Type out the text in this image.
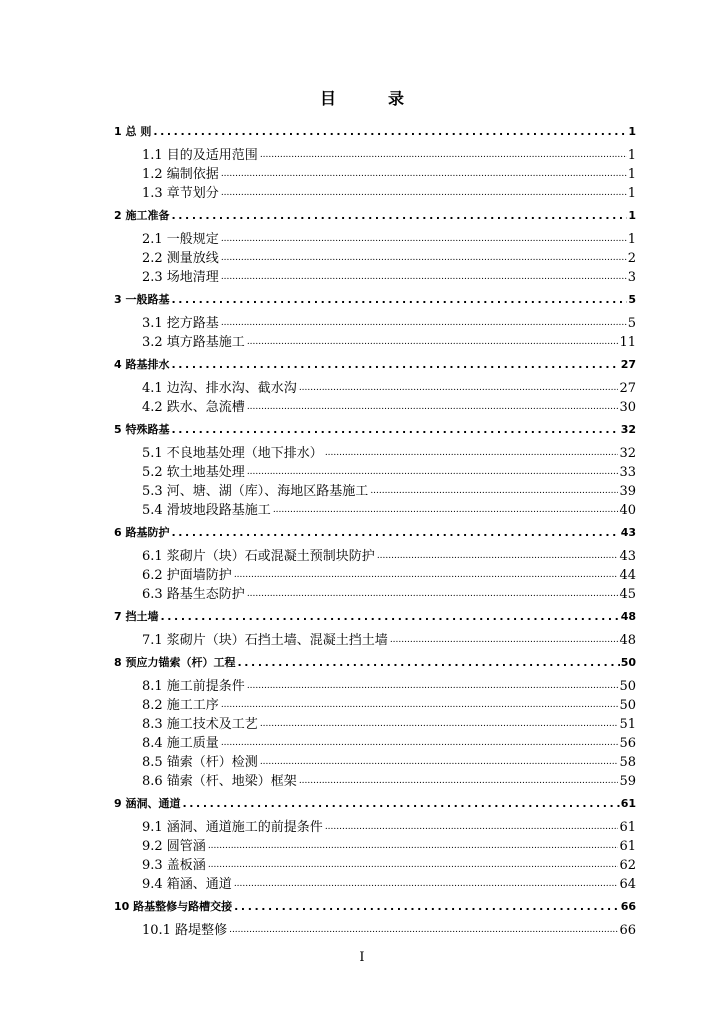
目　录
1 总 则 .....	1
1.1 目的及适用范围 .....	1
1.2 编制依据 .....	1
1.3 章节划分 .....	1
2 施工准备 .....	1
2.1 一般规定 .....	1
2.2 测量放线 .....	2
2.3 场地清理 .....	3
3 一般路基 .....	5
3.1 挖方路基 .....	5
3.2 填方路基施工 .....	11
4 路基排水 .....	27
4.1 边沟、排水沟、截水沟 .....	27
4.2 跌水、急流槽 .....	30
5 特殊路基 .....	32
5.1 不良地基处理（地下排水） .....	32
5.2 软土地基处理 .....	33
5.3 河、塘、湖（库）、海地区路基施工 .....	39
5.4 滑坡地段路基施工 .....	40
6 路基防护 .....	43
6.1 浆砌片（块）石或混凝土预制块防护 .....	43
6.2 护面墙防护 .....	44
6.3 路基生态防护 .....	45
7 挡土墙 .....	48
7.1 浆砌片（块）石挡土墙、混凝土挡土墙 .....	48
8 预应力锚索（杆）工程 .....	50
8.1 施工前提条件 .....	50
8.2 施工工序 .....	50
8.3 施工技术及工艺 .....	51
8.4 施工质量 .....	56
8.5 锚索（杆）检测 .....	58
8.6 锚索（杆、地梁）框架 .....	59
9 涵洞、通道 .....	61
9.1 涵洞、通道施工的前提条件 .....	61
9.2 圆管涵 .....	61
9.3 盖板涵 .....	62
9.4 箱涵、通道 .....	64
10 路基整修与路槽交接 .....	66
10.1 路堤整修 .....	66
I
